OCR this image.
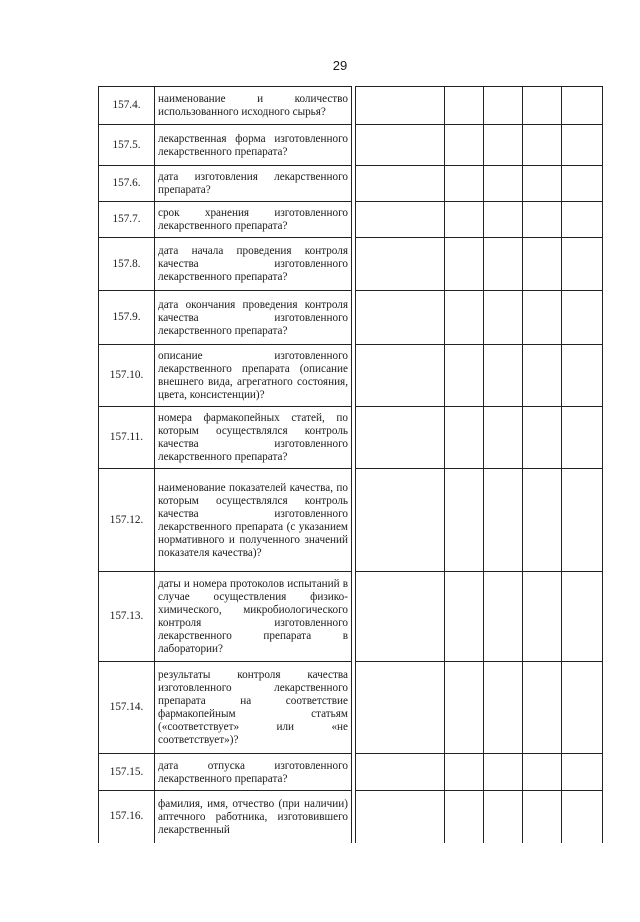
29
157.4.	наименование и количество использованного исходного сырья?						
157.5.	лекарственная форма изготовленного лекарственного препарата?						
157.6.	дата изготовления лекарственного препарата?						
157.7.	срок хранения изготовленного лекарственного препарата?						
157.8.	дата начала проведения контроля качества изготовленного лекарственного препарата?						
157.9.	дата окончания проведения контроля качества изготовленного лекарственного препарата?						
157.10.	описание изготовленного лекарственного препарата (описание внешнего вида, агрегатного состояния, цвета, консистенции)?						
157.11.	номера фармакопейных статей, по которым осуществлялся контроль качества изготовленного лекарственного препарата?						
157.12.	наименование показателей качества, по которым осуществлялся контроль качества изготовленного лекарственного препарата (с указанием нормативного и полученного значений показателя качества)?						
157.13.	даты и номера протоколов испытаний в случае осуществления физико-химического, микробиологического контроля изготовленного лекарственного препарата в лаборатории?						
157.14.	результаты контроля качества изготовленного лекарственного препарата на соответствие фармакопейным статьям («соответствует» или «не соответствует»)?						
157.15.	дата отпуска изготовленного лекарственного препарата?						
157.16.	фамилия, имя, отчество (при наличии) аптечного работника, изготовившего лекарственный						
